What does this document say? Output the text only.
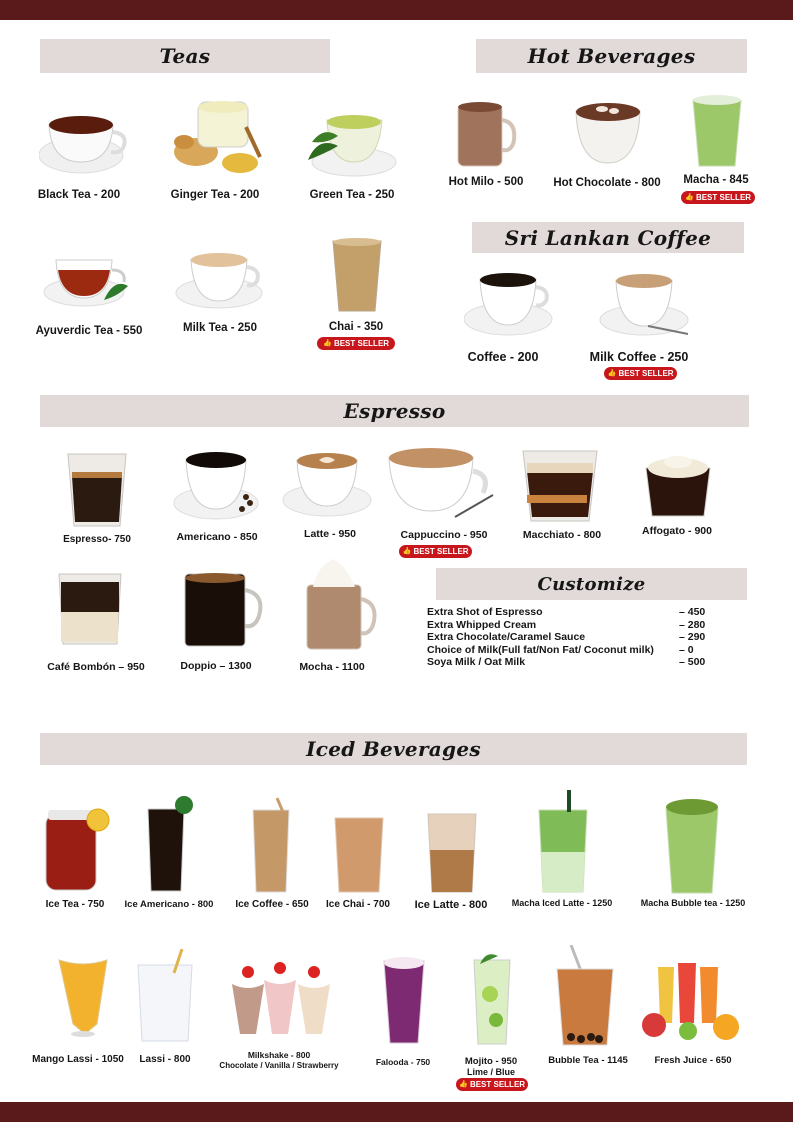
Teas	Hot Beverages
Sri Lankan Coffee
Espresso
Customize
Iced Beverages
Black Tea - 200	Ginger Tea - 200	Green Tea - 250
Ayuverdic Tea - 550	Milk Tea - 250	Chai - 350
👍 BEST SELLER
Hot Milo - 500	Hot Chocolate - 800	Macha - 845
👍 BEST SELLER
Coffee - 200	Milk Coffee - 250
👍 BEST SELLER
Espresso- 750	Americano - 850	Latte - 950	Cappuccino - 950
👍 BEST SELLER
Macchiato - 800	Affogato - 900
Café Bombón – 950	Doppio – 1300	Mocha - 1100
Extra Shot of Espresso	– 450
Extra Whipped Cream	– 280
Extra Chocolate/Caramel Sauce	– 290
Choice of Milk(Full fat/Non Fat/ Coconut milk) – 0
Soya Milk / Oat Milk	– 500
Ice Tea - 750	Ice Americano - 800	Ice Coffee - 650	Ice Chai - 700	Ice Latte - 800	Macha Iced Latte - 1250	Macha Bubble tea - 1250
Mango Lassi - 1050	Lassi - 800	Milkshake - 800
Chocolate / Vanilla / Strawberry	Falooda - 750	Mojito - 950
Lime / Blue
👍 BEST SELLER
Bubble Tea - 1145	Fresh Juice - 650
